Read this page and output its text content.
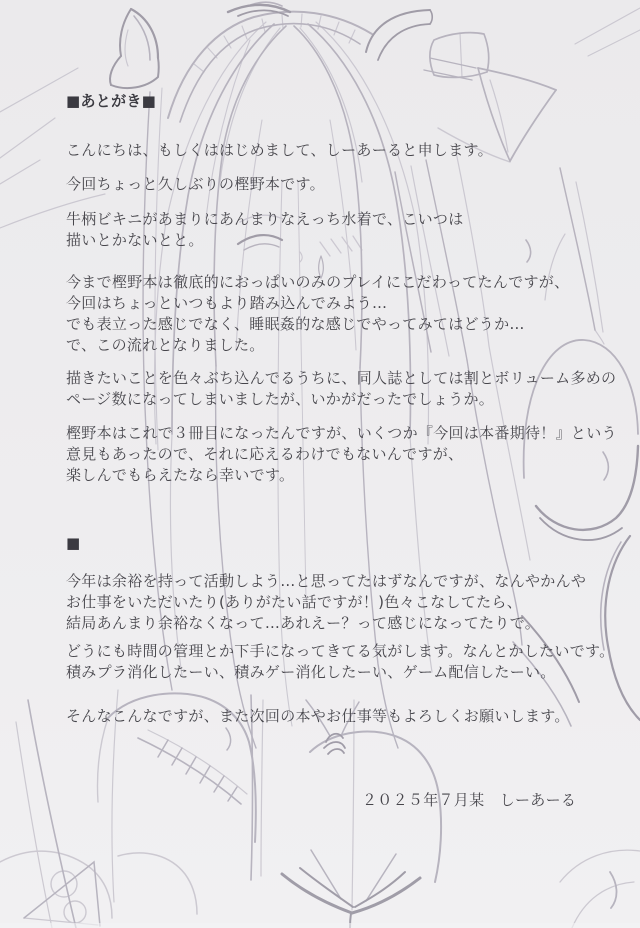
■あとがき■
こんにちは、もしくははじめまして、しーあーると申します。
今回ちょっと久しぶりの樫野本です。
牛柄ビキニがあまりにあんまりなえっち水着で、こいつは
描いとかないとと。
今まで樫野本は徹底的におっぱいのみのプレイにこだわってたんですが、
今回はちょっといつもより踏み込んでみよう…
でも表立った感じでなく、睡眠姦的な感じでやってみてはどうか…
で、この流れとなりました。
描きたいことを色々ぶち込んでるうちに、同人誌としては割とボリューム多めの
ページ数になってしまいましたが、いかがだったでしょうか。
樫野本はこれで３冊目になったんですが、いくつか『今回は本番期待！』という
意見もあったので、それに応えるわけでもないんですが、
楽しんでもらえたなら幸いです。
■
今年は余裕を持って活動しよう…と思ってたはずなんですが、なんやかんや
お仕事をいただいたり(ありがたい話ですが！)色々こなしてたら、
結局あんまり余裕なくなって…あれえー？って感じになってたりで。
どうにも時間の管理とか下手になってきてる気がします。なんとかしたいです。
積みプラ消化したーい、積みゲー消化したーい、ゲーム配信したーい。
そんなこんなですが、また次回の本やお仕事等もよろしくお願いします。
２０２５年７月某　しーあーる
